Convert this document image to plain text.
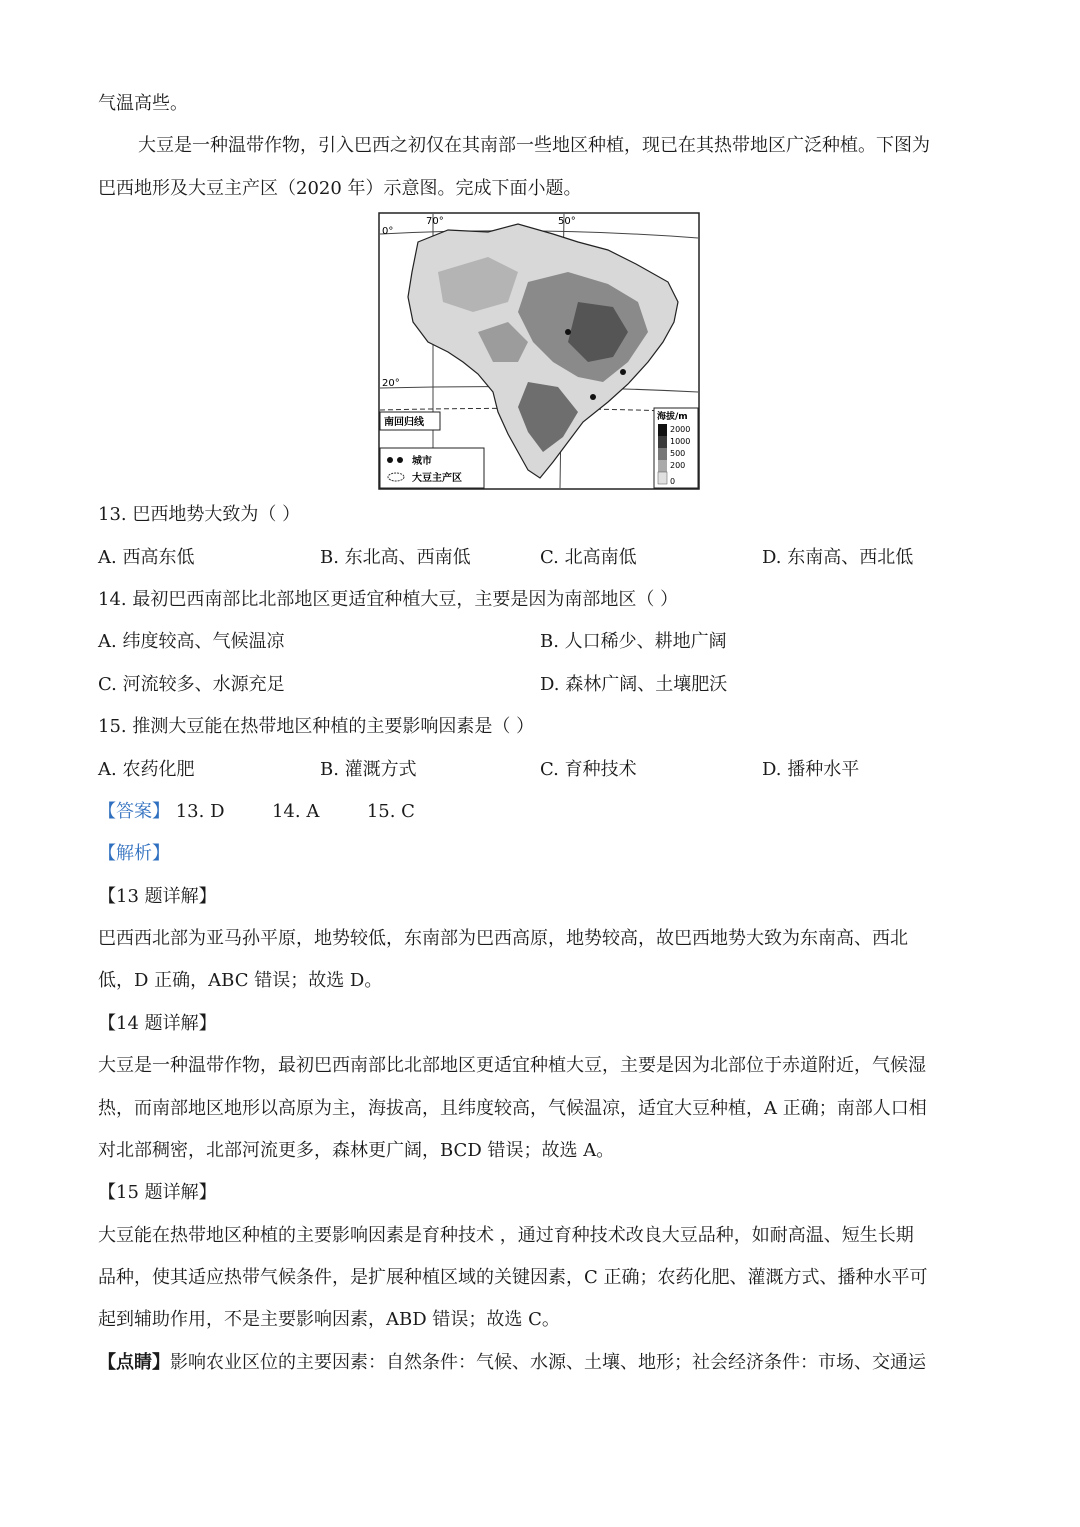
气温高些。
大豆是一种温带作物，引入巴西之初仅在其南部一些地区种植，现已在其热带地区广泛种植。下图为
巴西地形及大豆主产区（2020 年）示意图。完成下面小题。
70°	50°
0°
20°
南回归线
城市
大豆主产区
海拔/m
2000
1000
500
200
0
13. 巴西地势大致为（ ）
A. 西高东低	B. 东北高、西南低	C. 北高南低	D. 东南高、西北低
14. 最初巴西南部比北部地区更适宜种植大豆，主要是因为南部地区（ ）
A. 纬度较高、气候温凉	B. 人口稀少、耕地广阔
C. 河流较多、水源充足	D. 森林广阔、土壤肥沃
15. 推测大豆能在热带地区种植的主要影响因素是（ ）
A. 农药化肥	B. 灌溉方式	C. 育种技术	D. 播种水平
【答案】 13. D	14. A	15. C
【解析】
【13 题详解】
巴西西北部为亚马孙平原，地势较低，东南部为巴西高原，地势较高，故巴西地势大致为东南高、西北
低，D 正确，ABC 错误；故选 D。
【14 题详解】
大豆是一种温带作物，最初巴西南部比北部地区更适宜种植大豆，主要是因为北部位于赤道附近，气候湿
热，而南部地区地形以高原为主，海拔高，且纬度较高，气候温凉，适宜大豆种植，A 正确；南部人口相
对北部稠密，北部河流更多，森林更广阔，BCD 错误；故选 A。
【15 题详解】
大豆能在热带地区种植的主要影响因素是育种技术 ，通过育种技术改良大豆品种，如耐高温、短生长期
品种，使其适应热带气候条件，是扩展种植区域的关键因素，C 正确；农药化肥、灌溉方式、播种水平可
起到辅助作用，不是主要影响因素，ABD 错误；故选 C。
【点睛】影响农业区位的主要因素：自然条件：气候、水源、土壤、地形；社会经济条件：市场、交通运
